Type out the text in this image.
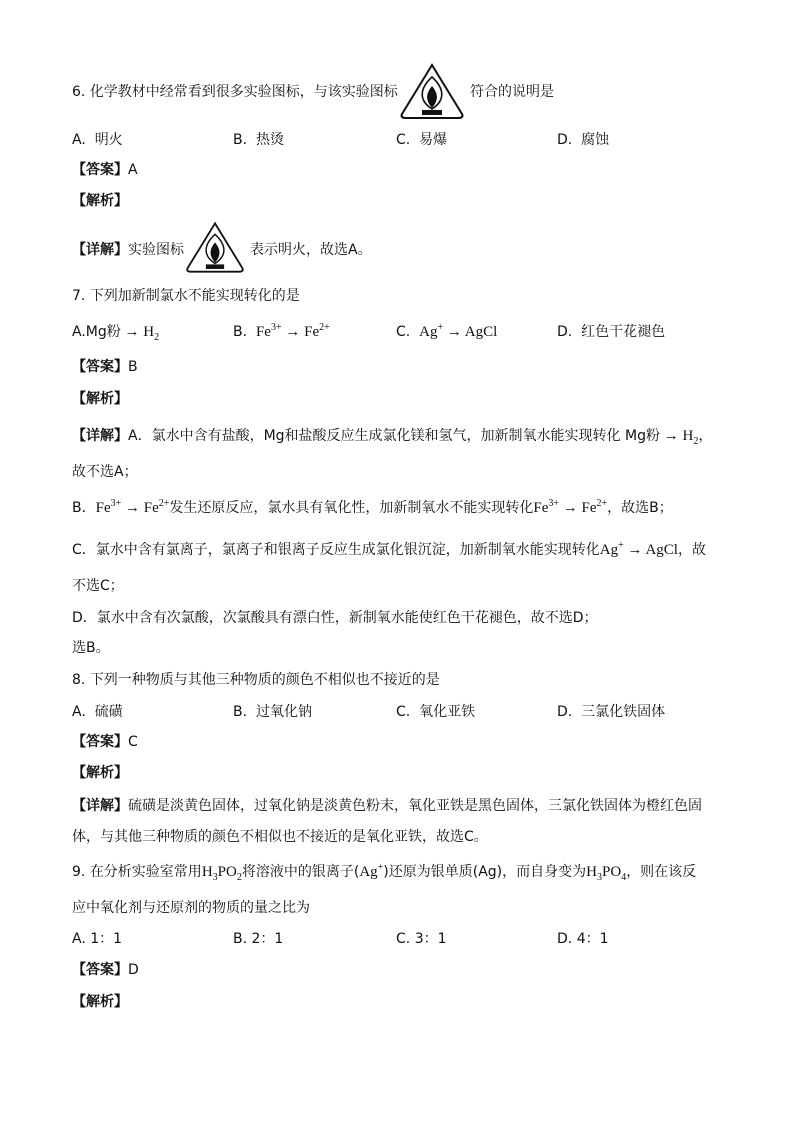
6. 化学教材中经常看到很多实验图标，与该实验图标	符合的说明是
A. 明火	B. 热烫	C. 易爆	D. 腐蚀
【答案】A
【解析】
【详解】实验图标	表示明火，故选A。
7. 下列加新制氯水不能实现转化的是
A.Mg粉 → $H_2$	B. $Fe^{3+} \to Fe^{2+}$	C. Ag+ → AgCl	D. 红色干花褪色
【答案】B
【解析】
【详解】A．氯水中含有盐酸，Mg和盐酸反应生成氯化镁和氢气，加新制氧水能实现转化 Mg粉 → $H_2$，
故不选A；
B．$Fe^{3+} \to Fe^{2+}$发生还原反应，氯水具有氧化性，加新制氧水不能实现转化$Fe^{3+} \to Fe^{2+}$，故选B；
C．氯水中含有氯离子，氯离子和银离子反应生成氯化银沉淀，加新制氧水能实现转化Ag+ → AgCl，故
不选C；
D．氯水中含有次氯酸，次氯酸具有漂白性，新制氧水能使红色干花褪色，故不选D；
选B。
8. 下列一种物质与其他三种物质的颜色不相似也不接近的是
A. 硫磺	B. 过氧化钠	C. 氧化亚铁	D. 三氯化铁固体
【答案】C
【解析】
【详解】硫磺是淡黄色固体，过氧化钠是淡黄色粉末，氧化亚铁是黑色固体，三氯化铁固体为橙红色固
体，与其他三种物质的颜色不相似也不接近的是氧化亚铁，故选C。
9. 在分析实验室常用$H_3PO_2$将溶液中的银离子(Ag+)还原为银单质(Ag)，而自身变为$H_3PO_4$，则在该反
应中氧化剂与还原剂的物质的量之比为
A. 1：1	B. 2：1	C. 3：1	D. 4：1
【答案】D
【解析】
